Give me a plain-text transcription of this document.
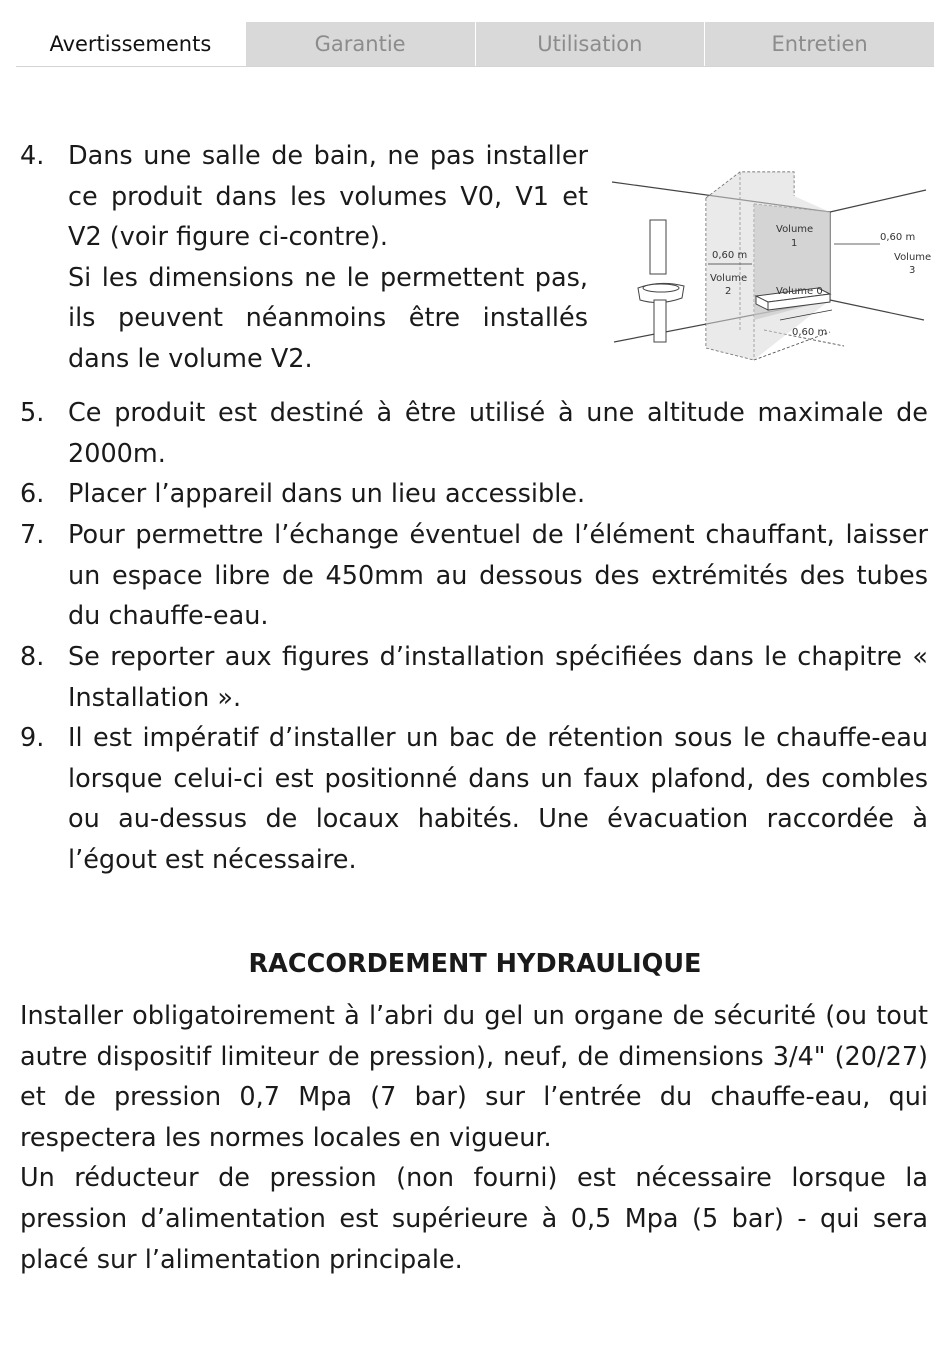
Avertissements	Garantie	Utilisation	Entretien
4. Dans une salle de bain, ne pas installer ce produit dans les volumes V0, V1 et V2 (voir figure ci-contre).

Si les dimensions ne le permettent pas, ils peuvent néanmoins être installés dans le volume V2.

Volume
1
Volume
2
Volume
3
Volume 0
0,60 m
0,60 m
0,60 m
5. Ce produit est destiné à être utilisé à une altitude maximale de 2000m.
6. Placer l’appareil dans un lieu accessible.
7. Pour permettre l’échange éventuel de l’élément chauffant, laisser un espace libre de 450mm au dessous des extrémités des tubes du chauffe-eau.
8. Se reporter aux figures d’installation spécifiées dans le chapitre « Installation ».
9. Il est impératif d’installer un bac de rétention sous le chauffe-eau lorsque celui-ci est positionné dans un faux plafond, des combles ou au-dessus de locaux habités. Une évacuation raccordée à l’égout est nécessaire.
RACCORDEMENT HYDRAULIQUE

Installer obligatoirement à l’abri du gel un organe de sécurité (ou tout autre dispositif limiteur de pression), neuf, de dimensions 3/4" (20/27) et de pression 0,7 Mpa (7 bar) sur l’entrée du chauffe-eau, qui respectera les normes locales en vigueur.

Un réducteur de pression (non fourni) est nécessaire lorsque la pression d’alimentation est supérieure à 0,5 Mpa (5 bar) - qui sera placé sur l’alimentation principale.
